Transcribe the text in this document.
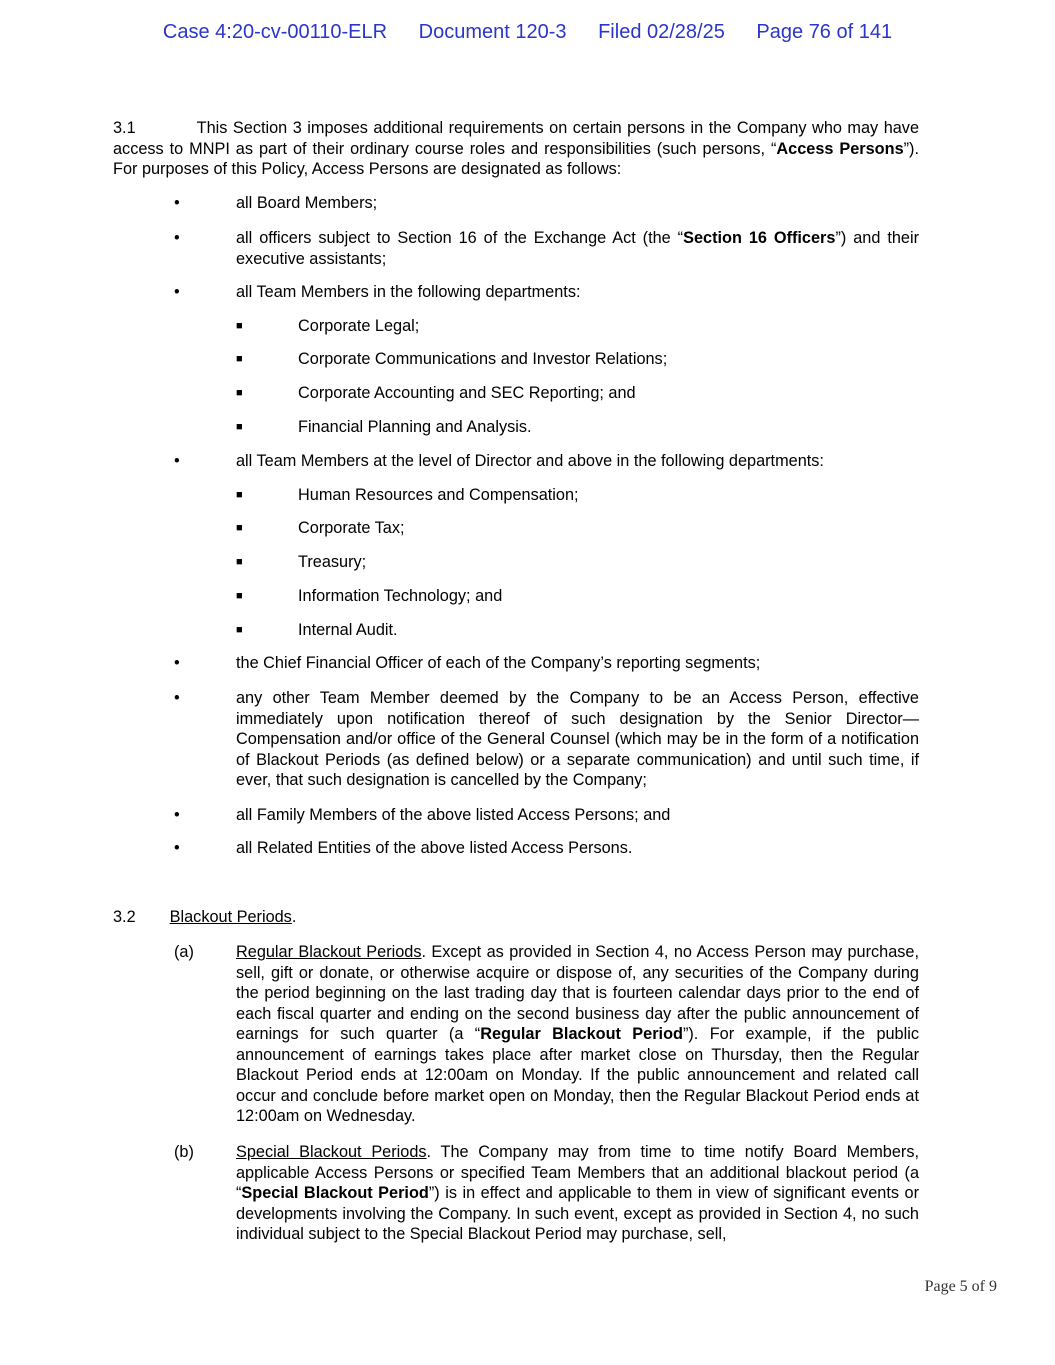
Case 4:20-cv-00110-ELR Document 120-3 Filed 02/28/25 Page 76 of 141
3.1	This Section 3 imposes additional requirements on certain persons in the Company who may have access to MNPI as part of their ordinary course roles and responsibilities (such persons, “Access Persons”). For purposes of this Policy, Access Persons are designated as follows:
•	all Board Members;
•	all officers subject to Section 16 of the Exchange Act (the “Section 16 Officers”) and their executive assistants;
•	all Team Members in the following departments:
■	Corporate Legal;
■	Corporate Communications and Investor Relations;
■	Corporate Accounting and SEC Reporting; and
■	Financial Planning and Analysis.
•	all Team Members at the level of Director and above in the following departments:
■	Human Resources and Compensation;
■	Corporate Tax;
■	Treasury;
■	Information Technology; and
■	Internal Audit.
•	the Chief Financial Officer of each of the Company’s reporting segments;
•	any other Team Member deemed by the Company to be an Access Person, effective immediately upon notification thereof of such designation by the Senior Director—Compensation and/or office of the General Counsel (which may be in the form of a notification of Blackout Periods (as defined below) or a separate communication) and until such time, if ever, that such designation is cancelled by the Company;
•	all Family Members of the above listed Access Persons; and
•	all Related Entities of the above listed Access Persons.
3.2 Blackout Periods.
(a)	Regular Blackout Periods. Except as provided in Section 4, no Access Person may purchase, sell, gift or donate, or otherwise acquire or dispose of, any securities of the Company during the period beginning on the last trading day that is fourteen calendar days prior to the end of each fiscal quarter and ending on the second business day after the public announcement of earnings for such quarter (a “Regular Blackout Period”). For example, if the public announcement of earnings takes place after market close on Thursday, then the Regular Blackout Period ends at 12:00am on Monday. If the public announcement and related call occur and conclude before market open on Monday, then the Regular Blackout Period ends at 12:00am on Wednesday.
(b)	Special Blackout Periods. The Company may from time to time notify Board Members, applicable Access Persons or specified Team Members that an additional blackout period (a “Special Blackout Period”) is in effect and applicable to them in view of significant events or developments involving the Company. In such event, except as provided in Section 4, no such individual subject to the Special Blackout Period may purchase, sell,
Page 5 of 9
